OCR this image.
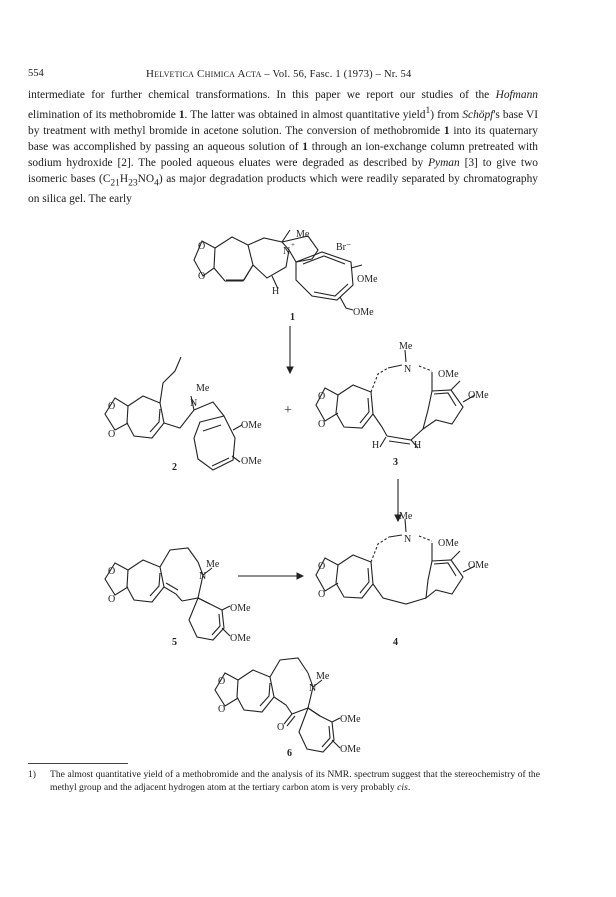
554	Helvetica Chimica Acta – Vol. 56, Fasc. 1 (1973) – Nr. 54

intermediate for further chemical transformations. In this paper we report our studies of the Hofmann elimination of its methobromide 1. The latter was obtained in almost quantitative yield$^1$) from Schöpf's base VI by treatment with methyl bromide in acetone solution. The conversion of methobromide 1 into its quaternary base was accomplished by passing an aqueous solution of 1 through an ion-exchange column pretreated with sodium hydroxide [2]. The pooled aqueous eluates were degraded as described by Pyman [3] to give two isomeric bases $(C_{21}H_{23}NO_4)$ as major degradation products which were readily separated by chromatography on silica gel. The early

O
O
N
+
Me
Br⁻
H
OMe
OMe
1
O
O
N
Me
OMe
OMe
2
+
O
O
Me
N	OMe
OMe
H	H
3
O
O
Me
N	OMe
OMe
4
O
O
N
Me
OMe
OMe
5
O
O
N
Me
O
OMe
OMe
6
1) The almost quantitative yield of a methobromide and the analysis of its NMR. spectrum suggest that the stereochemistry of the methyl group and the adjacent hydrogen atom at the tertiary carbon atom is very probably cis.
